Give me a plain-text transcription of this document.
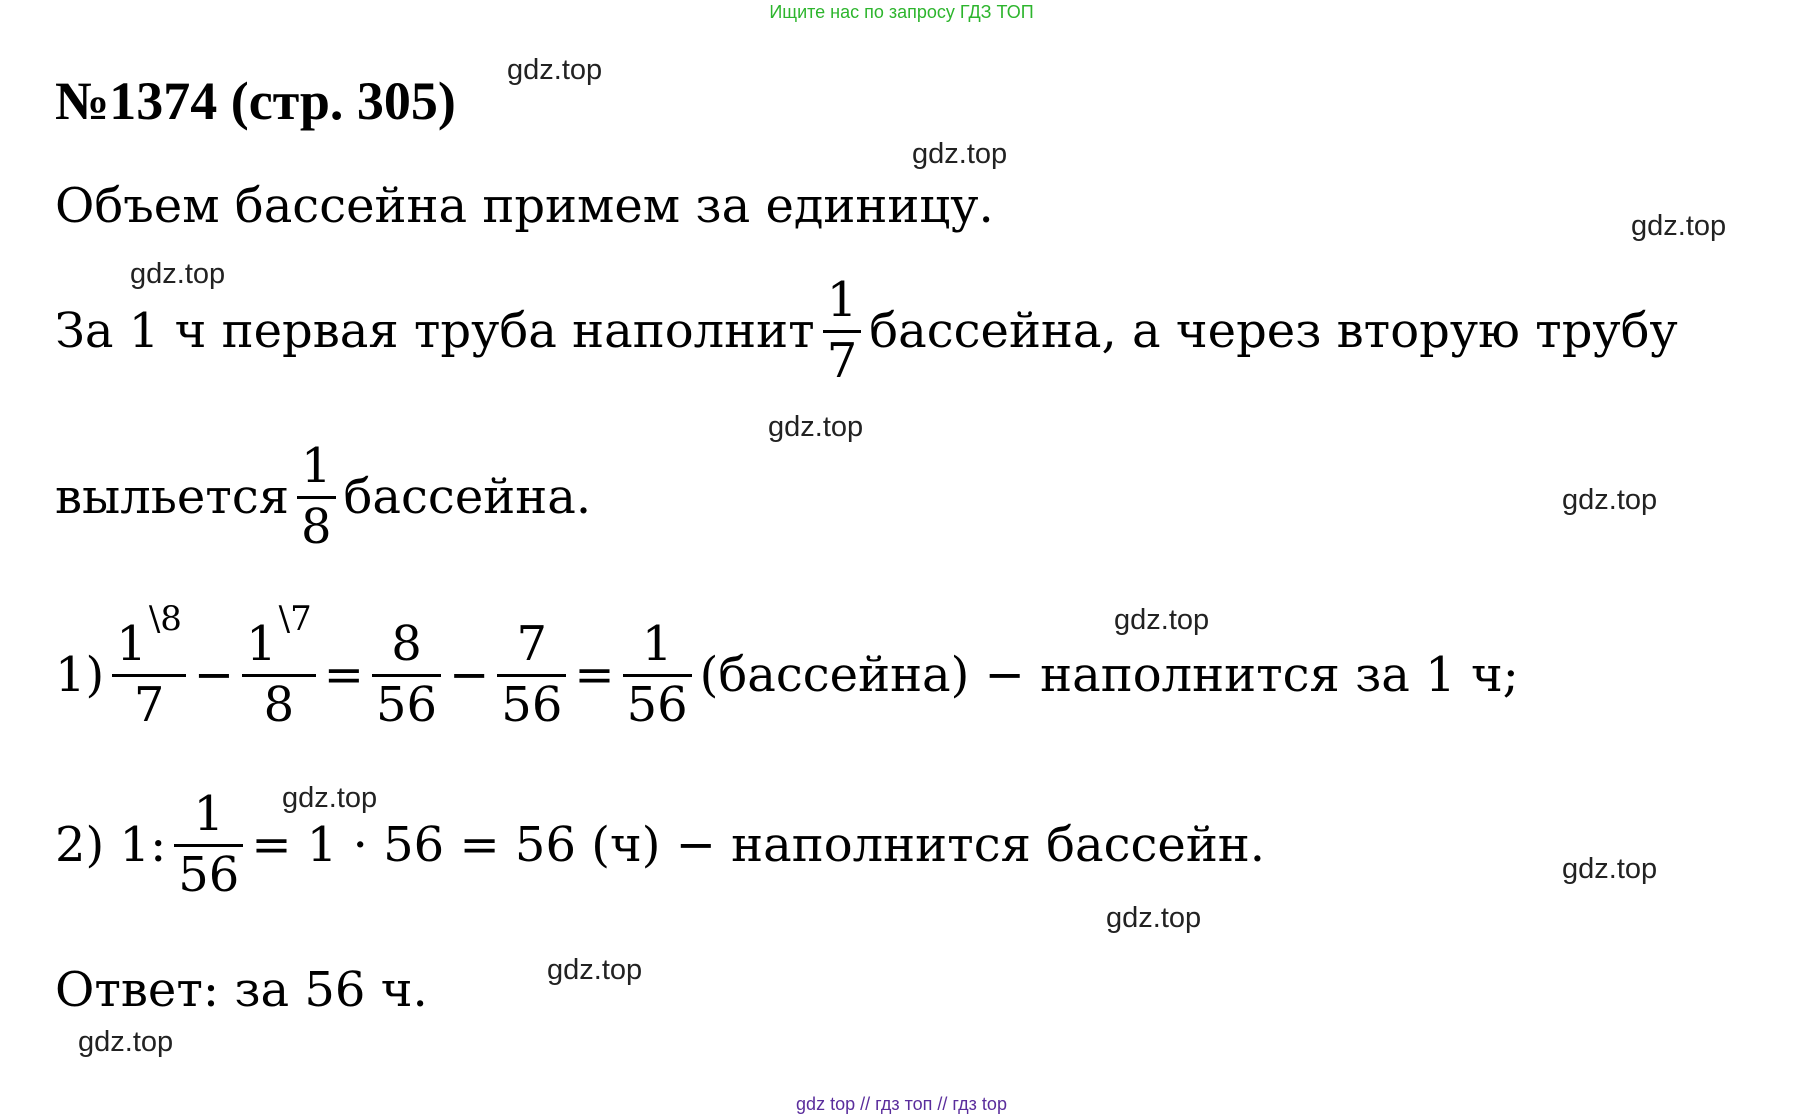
Ищите нас по запросу ГДЗ ТОП
№1374 (стр. 305)
Объем бассейна примем за единицу.
За 1 ч первая труба наполнит $\frac{1}{7}$ бассейна, а через вторую трубу
выльется $\frac{1}{8}$ бассейна.
$1) \frac{1^{\backslash 8}}{7} - \frac{1^{\backslash 7}}{8} = \frac{8}{56} - \frac{7}{56} = \frac{1}{56}$ (бассейна) − наполнится за 1 ч;
2) 1: $\frac{1}{56} = 1 \cdot 56 = 56$ (ч) − наполнится бассейн.
Ответ: за 56 ч.
gdz.top
gdz.top
gdz.top
gdz.top
gdz.top
gdz.top
gdz.top
gdz.top
gdz.top
gdz.top
gdz.top
gdz.top
gdz top // гдз топ // гдз top
